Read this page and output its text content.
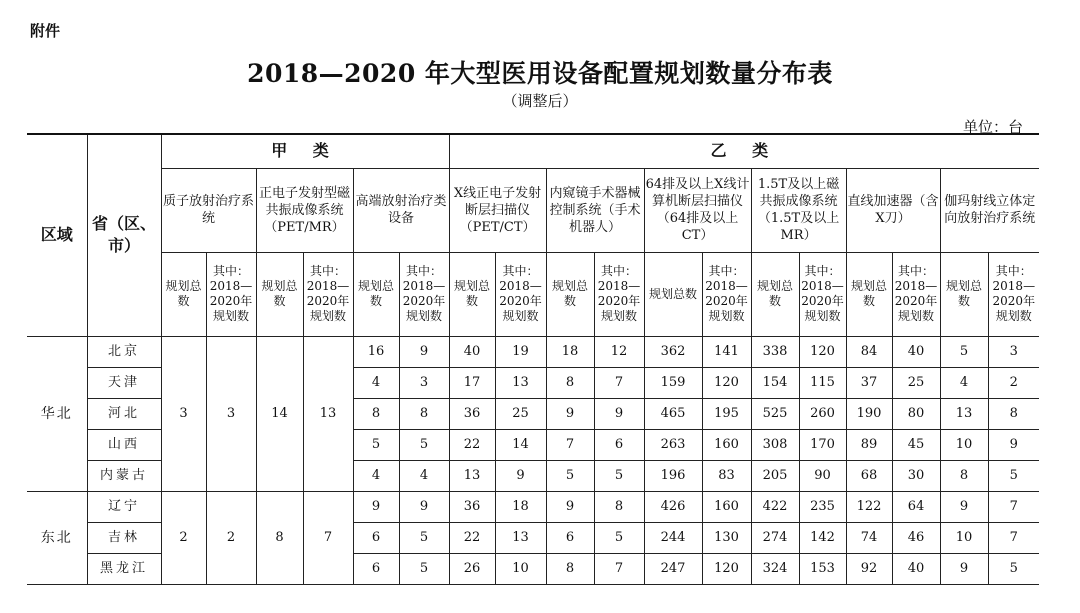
附件
2018—2020 年大型医用设备配置规划数量分布表
（调整后）
单位：台
区域	省（区、市）	甲 类						乙 类											
		质子放射治疗系统		正电子发射型磁共振成像系统（PET/MR）		高端放射治疗类设备		X线正电子发射断层扫描仪（PET/CT）		内窥镜手术器械控制系统（手术机器人）		64排及以上X线计算机断层扫描仪（64排及以上CT）		1.5T及以上磁共振成像系统（1.5T及以上 MR）		直线加速器（含X刀）		伽玛射线立体定向放射治疗系统	
		规划总数	其中：2018—2020年规划数	规划总数	其中：2018—2020年规划数	规划总数	其中：2018—2020年规划数	规划总数	其中：2018—2020年规划数	规划总数	其中：2018—2020年规划数	规划总数	其中：2018—2020年规划数	规划总数	其中：2018—2020年规划数	规划总数	其中：2018—2020年规划数	规划总数	其中：2018—2020年规划数
华北	北京	3	3	14	13	16	9	40	19	18	12	362	141	338	120	84	40	5	3
	天津					4	3	17	13	8	7	159	120	154	115	37	25	4	2
	河北					8	8	36	25	9	9	465	195	525	260	190	80	13	8
	山西					5	5	22	14	7	6	263	160	308	170	89	45	10	9
	内蒙古					4	4	13	9	5	5	196	83	205	90	68	30	8	5
东北	辽宁	2	2	8	7	9	9	36	18	9	8	426	160	422	235	122	64	9	7
	吉林					6	5	22	13	6	5	244	130	274	142	74	46	10	7
	黑龙江					6	5	26	10	8	7	247	120	324	153	92	40	9	5
